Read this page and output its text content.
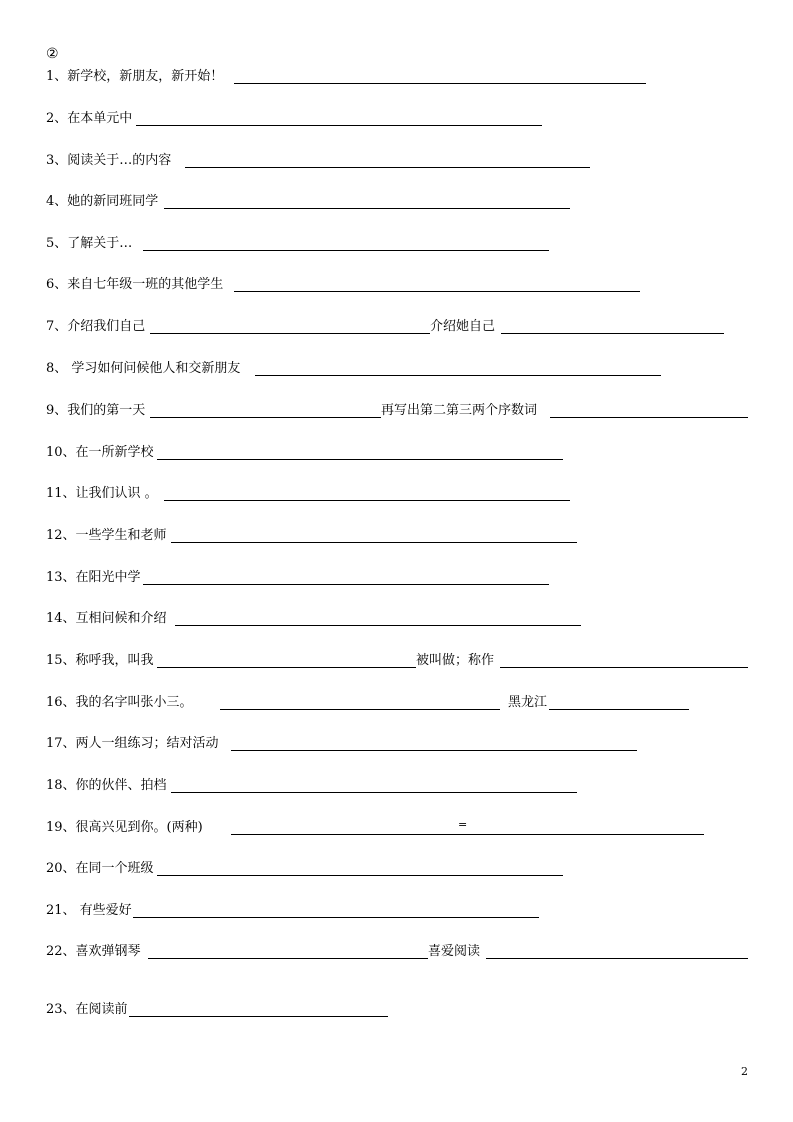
②
1、新学校，新朋友，新开始！
2、在本单元中
3、阅读关于…的内容
4、她的新同班同学
5、了解关于…
6、来自七年级一班的其他学生
7、介绍我们自己	介绍她自己
8、 学习如何问候他人和交新朋友
9、我们的第一天	再写出第二第三两个序数词
10、在一所新学校
11、让我们认识 。
12、一些学生和老师
13、在阳光中学
14、互相问候和介绍
15、称呼我，叫我	被叫做；称作
16、我的名字叫张小三。	黑龙江
17、两人一组练习；结对活动
18、你的伙伴、拍档
19、很高兴见到你。(两种)	=
20、在同一个班级
21、 有些爱好
22、喜欢弹钢琴	喜爱阅读
23、在阅读前
2
